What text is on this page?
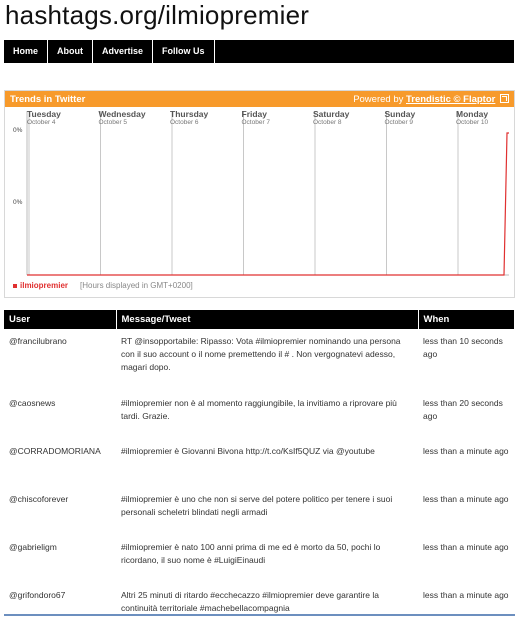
hashtags.org/ilmiopremier
Home	About	Advertise	Follow Us
Trends in Twitter	Powered by Trendistic © Flaptor
Tuesday
October 4
Wednesday
October 5
Thursday
October 6
Friday
October 7
Saturday
October 8
Sunday
October 9
Monday
October 10
0%
0%
ilmiopremier [Hours displayed in GMT+0200]
User	Message/Tweet	When
@francilubrano	RT @insopportabile: Ripasso: Vota #ilmiopremier nominando una persona con il suo account o il nome premettendo il # . Non vergognatevi adesso, magari dopo.	less than 10 seconds ago
@caosnews	#ilmiopremier non è al momento raggiungibile, la invitiamo a riprovare più tardi. Grazie.	less than 20 seconds ago
@CORRADOMORIANA	#ilmiopremier è Giovanni Bivona http://t.co/KsIf5QUZ via @youtube	less than a minute ago
@chiscoforever	#ilmiopremier è uno che non si serve del potere politico per tenere i suoi personali scheletri blindati negli armadi	less than a minute ago
@gabrieligm	#ilmiopremier è nato 100 anni prima di me ed è morto da 50, pochi lo ricordano, il suo nome è #LuigiEinaudi	less than a minute ago
@grifondoro67	Altri 25 minuti di ritardo #ecchecazzo #ilmiopremier deve garantire la continuità territoriale #machebellacompagnia	less than a minute ago
